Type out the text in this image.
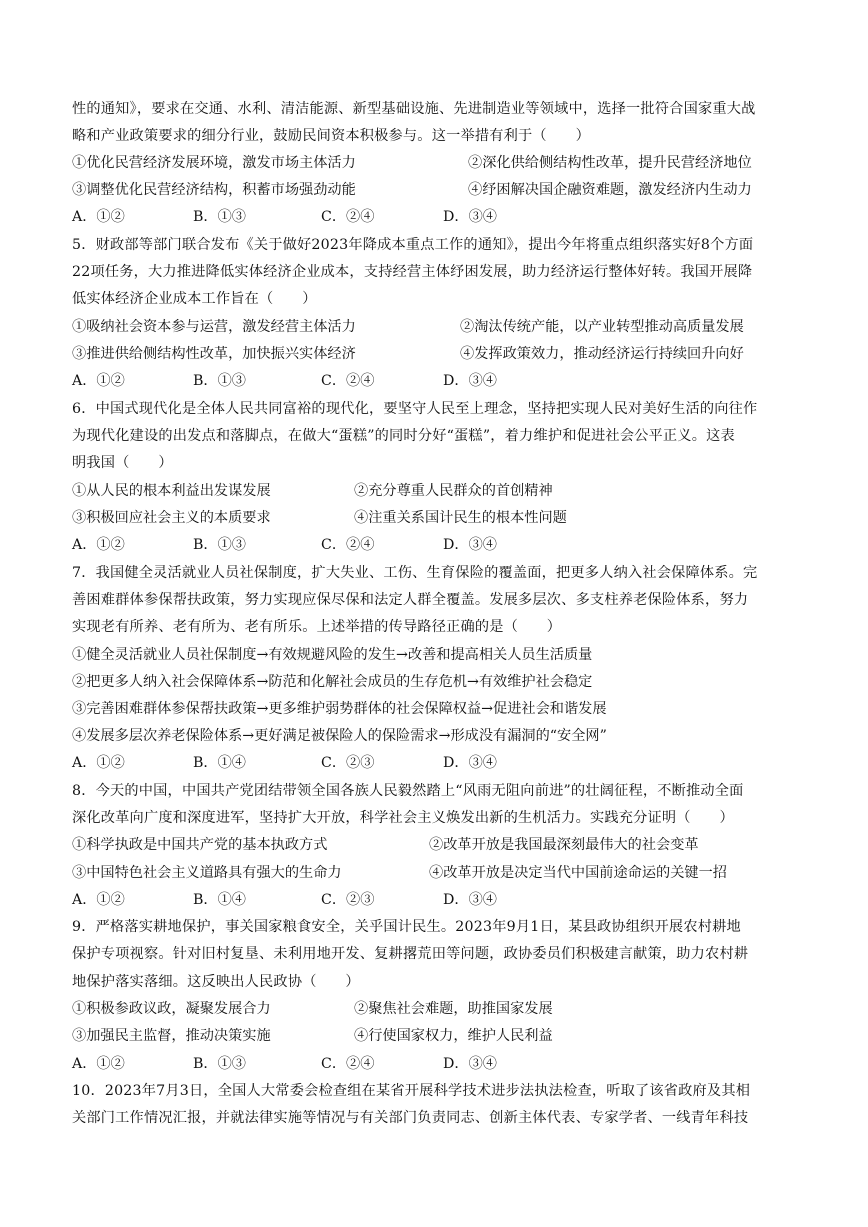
性的通知》，要求在交通、水利、清洁能源、新型基础设施、先进制造业等领域中，选择一批符合国家重大战
略和产业政策要求的细分行业，鼓励民间资本积极参与。这一举措有利于（　　）
①优化民营经济发展环境，激发市场主体活力	②深化供给侧结构性改革，提升民营经济地位
③调整优化民营经济结构，积蓄市场强劲动能	④纾困解决国企融资难题，激发经济内生动力
A．①②	B．①③	C．②④	D．③④
5．财政部等部门联合发布《关于做好2023年降成本重点工作的通知》，提出今年将重点组织落实好8个方面
22项任务，大力推进降低实体经济企业成本，支持经营主体纾困发展，助力经济运行整体好转。我国开展降
低实体经济企业成本工作旨在（　　）
①吸纳社会资本参与运营，激发经营主体活力	②淘汰传统产能，以产业转型推动高质量发展
③推进供给侧结构性改革，加快振兴实体经济	④发挥政策效力，推动经济运行持续回升向好
A．①②	B．①③	C．②④	D．③④
6．中国式现代化是全体人民共同富裕的现代化，要坚守人民至上理念，坚持把实现人民对美好生活的向往作
为现代化建设的出发点和落脚点，在做大“蛋糕”的同时分好“蛋糕”，着力维护和促进社会公平正义。这表
明我国（　　）
①从人民的根本利益出发谋发展	②充分尊重人民群众的首创精神
③积极回应社会主义的本质要求	④注重关系国计民生的根本性问题
A．①②	B．①③	C．②④	D．③④
7．我国健全灵活就业人员社保制度，扩大失业、工伤、生育保险的覆盖面，把更多人纳入社会保障体系。完
善困难群体参保帮扶政策，努力实现应保尽保和法定人群全覆盖。发展多层次、多支柱养老保险体系，努力
实现老有所养、老有所为、老有所乐。上述举措的传导路径正确的是（　　）
①健全灵活就业人员社保制度→有效规避风险的发生→改善和提高相关人员生活质量
②把更多人纳入社会保障体系→防范和化解社会成员的生存危机→有效维护社会稳定
③完善困难群体参保帮扶政策→更多维护弱势群体的社会保障权益→促进社会和谐发展
④发展多层次养老保险体系→更好满足被保险人的保险需求→形成没有漏洞的“安全网”
A．①②	B．①④	C．②③	D．③④
8．今天的中国，中国共产党团结带领全国各族人民毅然踏上“风雨无阻向前进”的壮阔征程，不断推动全面
深化改革向广度和深度进军，坚持扩大开放，科学社会主义焕发出新的生机活力。实践充分证明（　　）
①科学执政是中国共产党的基本执政方式	②改革开放是我国最深刻最伟大的社会变革
③中国特色社会主义道路具有强大的生命力	④改革开放是决定当代中国前途命运的关键一招
A．①②	B．①④	C．②③	D．③④
9．严格落实耕地保护，事关国家粮食安全，关乎国计民生。2023年9月1日，某县政协组织开展农村耕地
保护专项视察。针对旧村复垦、未利用地开发、复耕撂荒田等问题，政协委员们积极建言献策，助力农村耕
地保护落实落细。这反映出人民政协（　　）
①积极参政议政，凝聚发展合力	②聚焦社会难题，助推国家发展
③加强民主监督，推动决策实施	④行使国家权力，维护人民利益
A．①②	B．①③	C．②④	D．③④
10．2023年7月3日，全国人大常委会检查组在某省开展科学技术进步法执法检查，听取了该省政府及其相
关部门工作情况汇报，并就法律实施等情况与有关部门负责同志、创新主体代表、专家学者、一线青年科技
